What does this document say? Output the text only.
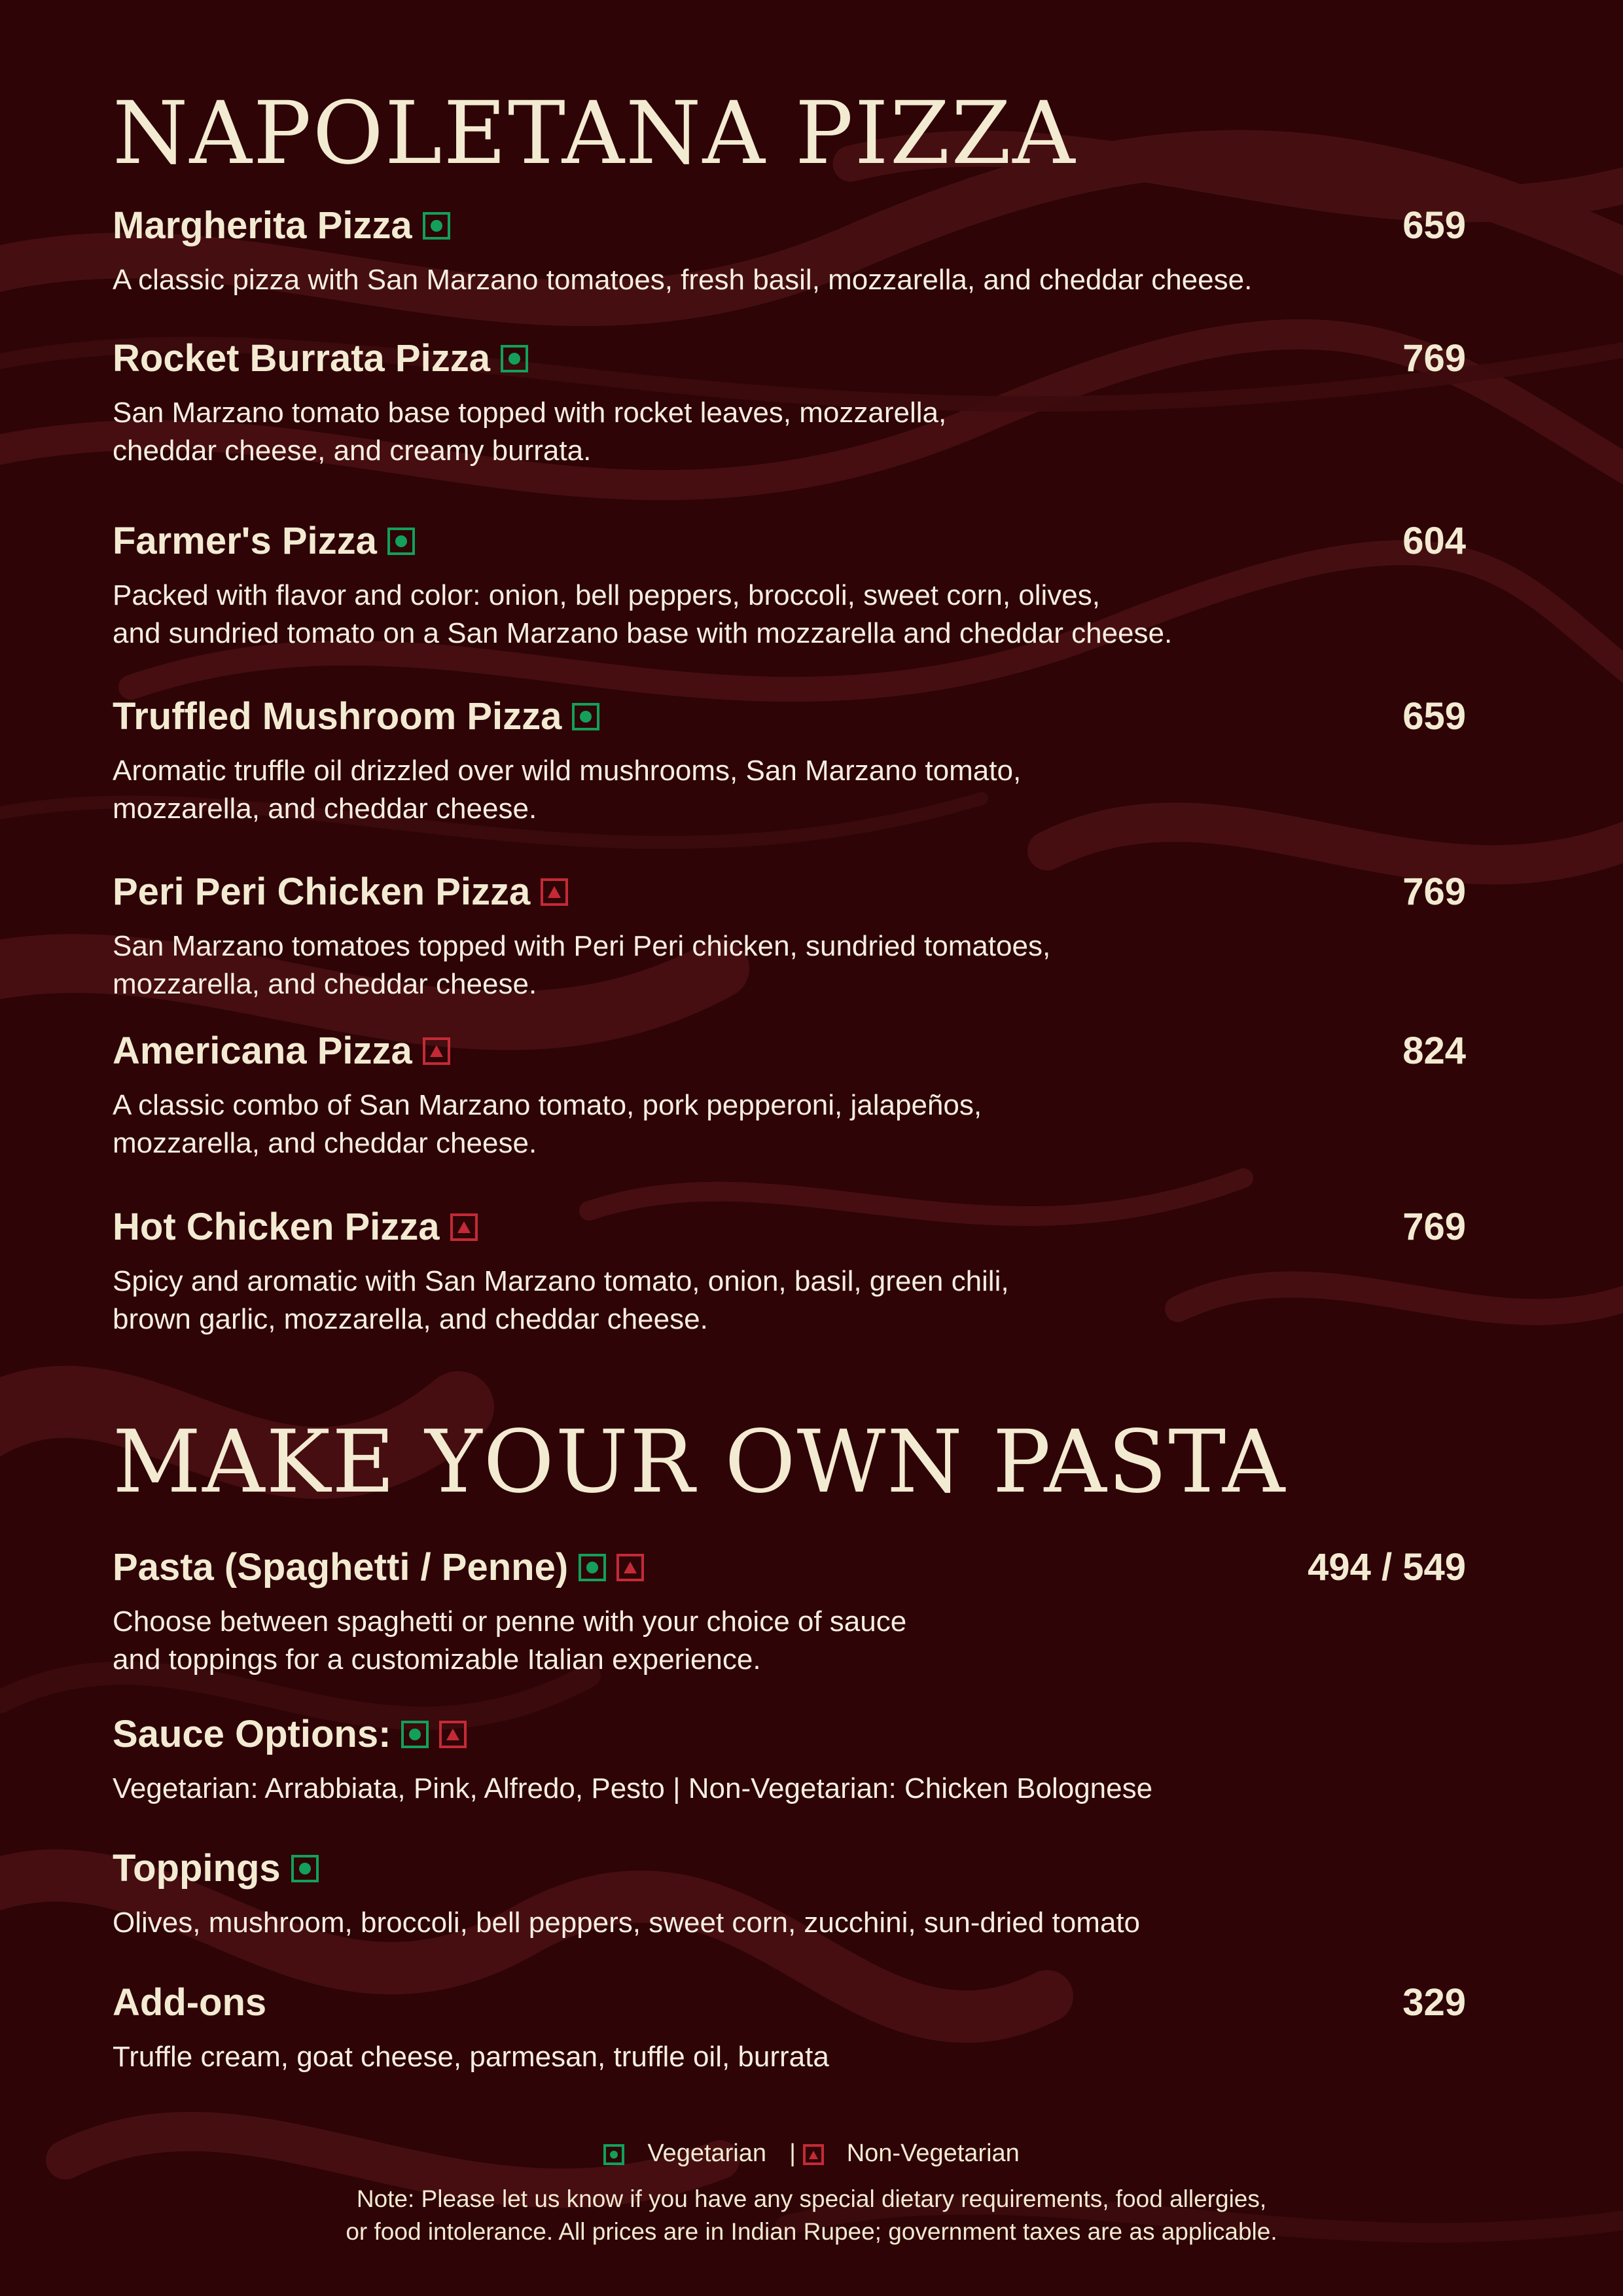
NAPOLETANA PIZZA
Margherita Pizza	659

A classic pizza with San Marzano tomatoes, fresh basil, mozzarella, and cheddar cheese.

Rocket Burrata Pizza	769

San Marzano tomato base topped with rocket leaves, mozzarella,
cheddar cheese, and creamy burrata.

Farmer's Pizza	604

Packed with flavor and color: onion, bell peppers, broccoli, sweet corn, olives,
and sundried tomato on a San Marzano base with mozzarella and cheddar cheese.

Truffled Mushroom Pizza	659

Aromatic truffle oil drizzled over wild mushrooms, San Marzano tomato,
mozzarella, and cheddar cheese.

Peri Peri Chicken Pizza	769

San Marzano tomatoes topped with Peri Peri chicken, sundried tomatoes,
mozzarella, and cheddar cheese.

Americana Pizza	824

A classic combo of San Marzano tomato, pork pepperoni, jalapeños,
mozzarella, and cheddar cheese.

Hot Chicken Pizza	769

Spicy and aromatic with San Marzano tomato, onion, basil, green chili,
brown garlic, mozzarella, and cheddar cheese.

MAKE YOUR OWN PASTA
Pasta (Spaghetti / Penne)	494 / 549

Choose between spaghetti or penne with your choice of sauce
and toppings for a customizable Italian experience.

Sauce Options:

Vegetarian: Arrabbiata, Pink, Alfredo, Pesto | Non-Vegetarian: Chicken Bolognese

Toppings

Olives, mushroom, broccoli, bell peppers, sweet corn, zucchini, sun-dried tomato

Add-ons	329

Truffle cream, goat cheese, parmesan, truffle oil, burrata

Vegetarian | Non-Vegetarian
Note: Please let us know if you have any special dietary requirements, food allergies,
or food intolerance. All prices are in Indian Rupee; government taxes are as applicable.
